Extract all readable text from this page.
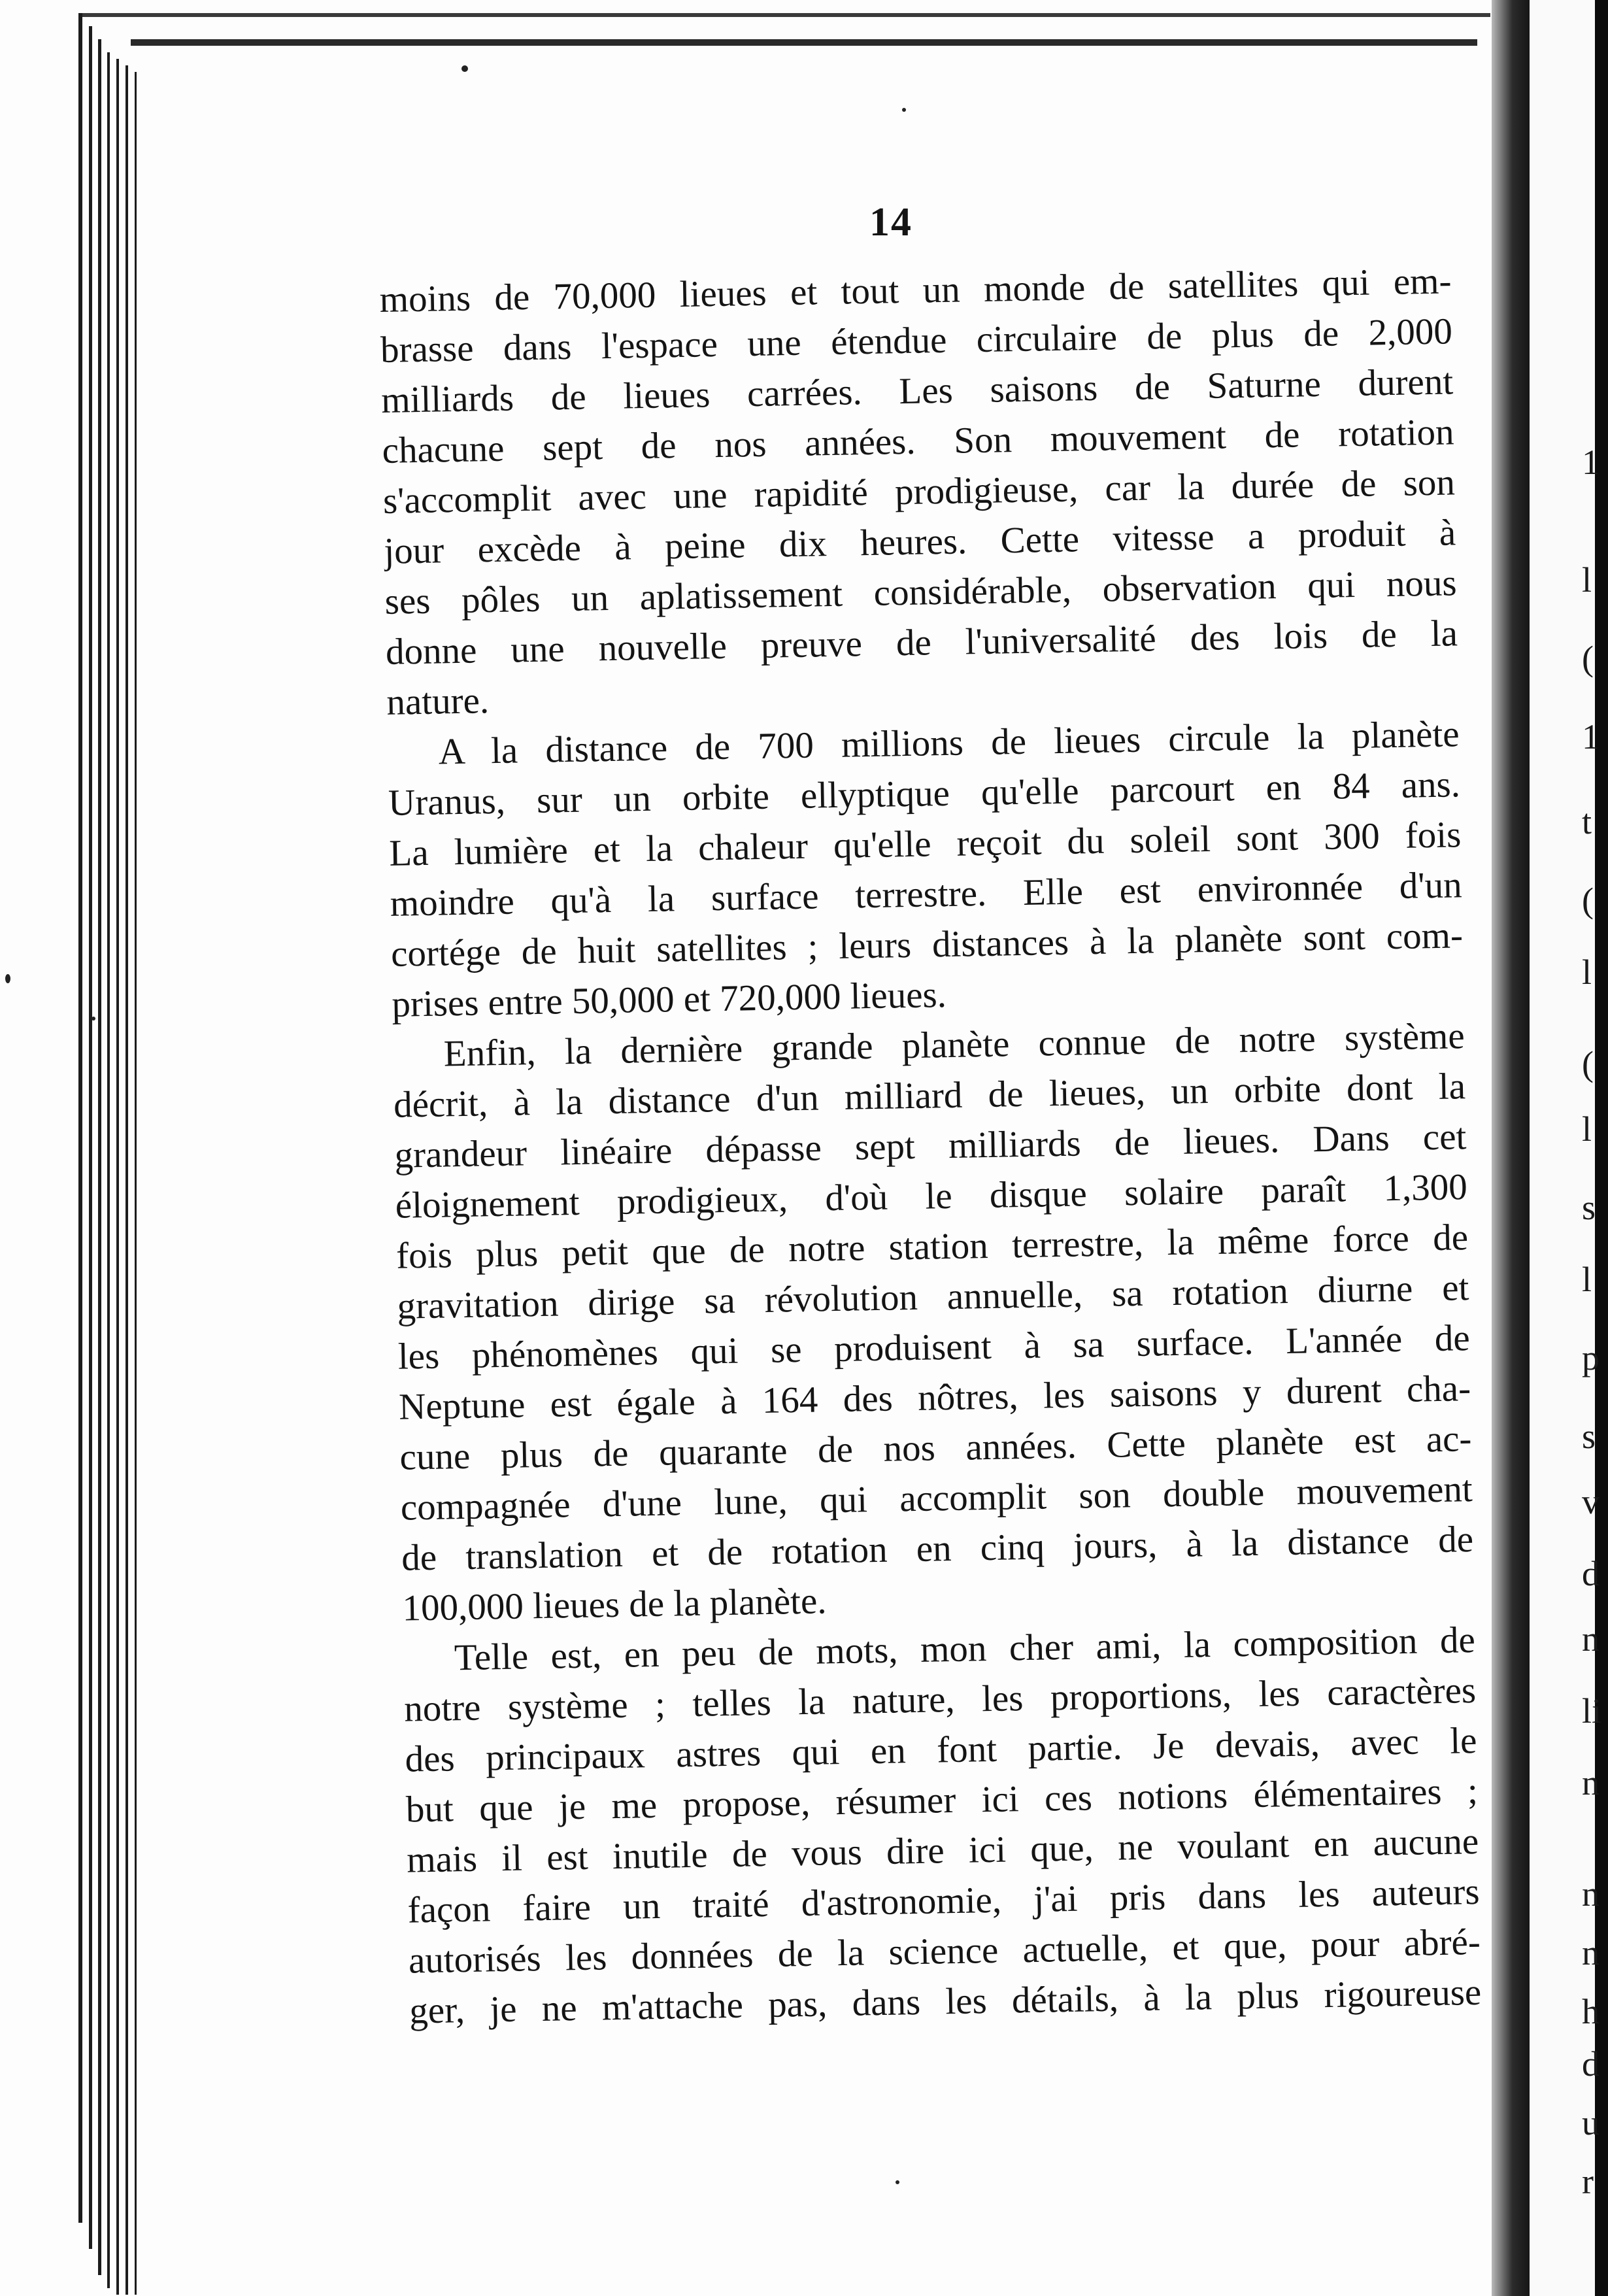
1
l
(
1
t
(
l
(
l
s
l
p
s
v
d
n
li
n
n
n
h
d
u
r
14
moins de 70,000 lieues et tout un monde de satellites qui em-
brasse dans l'espace une étendue circulaire de plus de 2,000
milliards de lieues carrées. Les saisons de Saturne durent
chacune sept de nos années. Son mouvement de rotation
s'accomplit avec une rapidité prodigieuse, car la durée de son
jour excède à peine dix heures. Cette vitesse a produit à
ses pôles un aplatissement considérable, observation qui nous
donne une nouvelle preuve de l'universalité des lois de la
nature.
A la distance de 700 millions de lieues circule la planète
Uranus, sur un orbite ellyptique qu'elle parcourt en 84 ans.
La lumière et la chaleur qu'elle reçoit du soleil sont 300 fois
moindre qu'à la surface terrestre. Elle est environnée d'un
cortége de huit satellites ; leurs distances à la planète sont com-
prises entre 50,000 et 720,000 lieues.
Enfin, la dernière grande planète connue de notre système
décrit, à la distance d'un milliard de lieues, un orbite dont la
grandeur linéaire dépasse sept milliards de lieues. Dans cet
éloignement prodigieux, d'où le disque solaire paraît 1,300
fois plus petit que de notre station terrestre, la même force de
gravitation dirige sa révolution annuelle, sa rotation diurne et
les phénomènes qui se produisent à sa surface. L'année de
Neptune est égale à 164 des nôtres, les saisons y durent cha-
cune plus de quarante de nos années. Cette planète est ac-
compagnée d'une lune, qui accomplit son double mouvement
de translation et de rotation en cinq jours, à la distance de
100,000 lieues de la planète.
Telle est, en peu de mots, mon cher ami, la composition de
notre système ; telles la nature, les proportions, les caractères
des principaux astres qui en font partie. Je devais, avec le
but que je me propose, résumer ici ces notions élémentaires ;
mais il est inutile de vous dire ici que, ne voulant en aucune
façon faire un traité d'astronomie, j'ai pris dans les auteurs
autorisés les données de la science actuelle, et que, pour abré-
ger, je ne m'attache pas, dans les détails, à la plus rigoureuse
